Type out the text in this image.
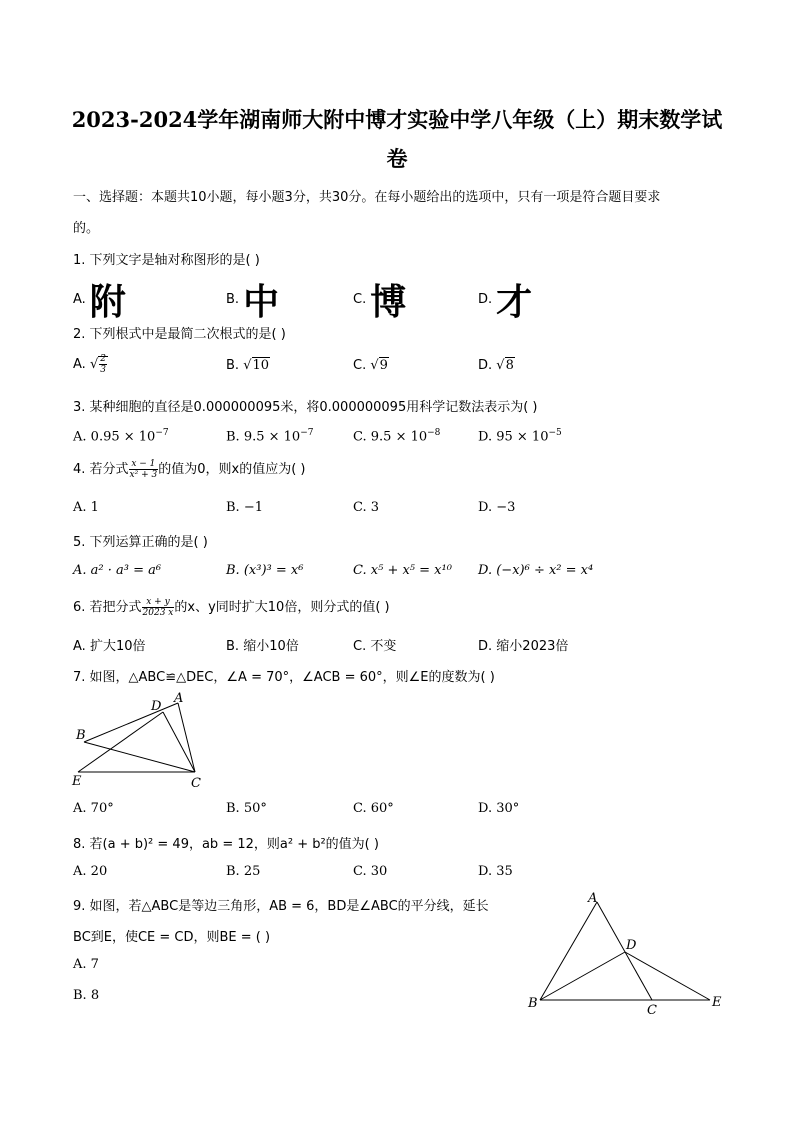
2023-2024学年湖南师大附中博才实验中学八年级（上）期末数学试
卷
一、选择题：本题共10小题，每小题3分，共30分。在每小题给出的选项中，只有一项是符合题目要求
的。
1. 下列文字是轴对称图形的是( )
A. 附	B. 中	C. 博	D. 才
2. 下列根式中是最简二次根式的是( )
A. √ $\frac{2}{3}$	B. √10	C. √9	D. √8
3. 某种细胞的直径是0.000000095米，将0.000000095用科学记数法表示为( )
A. $0.95 \times 10^{-7}$	B. $9.5 \times 10^{-7}$	C. $9.5 \times 10^{-8}$	D. $95 \times 10^{-5}$
4. 若分式 $\frac{x - 1}{\text{x² + 3}}$ 的值为0，则x的值应为( )
A. 1	B. −1	C. 3	D. −3
5. 下列运算正确的是( )
A. a² · a³ = a⁶	B. (x³)³ = x⁶	C. x⁵ + x⁵ = x¹⁰ D. (−x)⁶ ÷ x² = x⁴
6. 若把分式 $\frac{x + y}{2023 x}$ 的x、y同时扩大10倍，则分式的值( )
A. 扩大10倍	B. 缩小10倍	C. 不变	D. 缩小2023倍
7. 如图，△ABC≌△DEC，∠A = 70°，∠ACB = 60°，则∠E的度数为( )
D
A
B
E	C
A. 70°	B. 50°	C. 60°	D. 30°
8. 若(a + b)² = 49，ab = 12，则a² + b²的值为( )
A. 20	B. 25	C. 30	D. 35
9. 如图，若△ABC是等边三角形，AB = 6，BD是∠ABC的平分线，延长
BC到E，使CE = CD，则BE = ( )
A. 7
B. 8
A
D
B	C
E
